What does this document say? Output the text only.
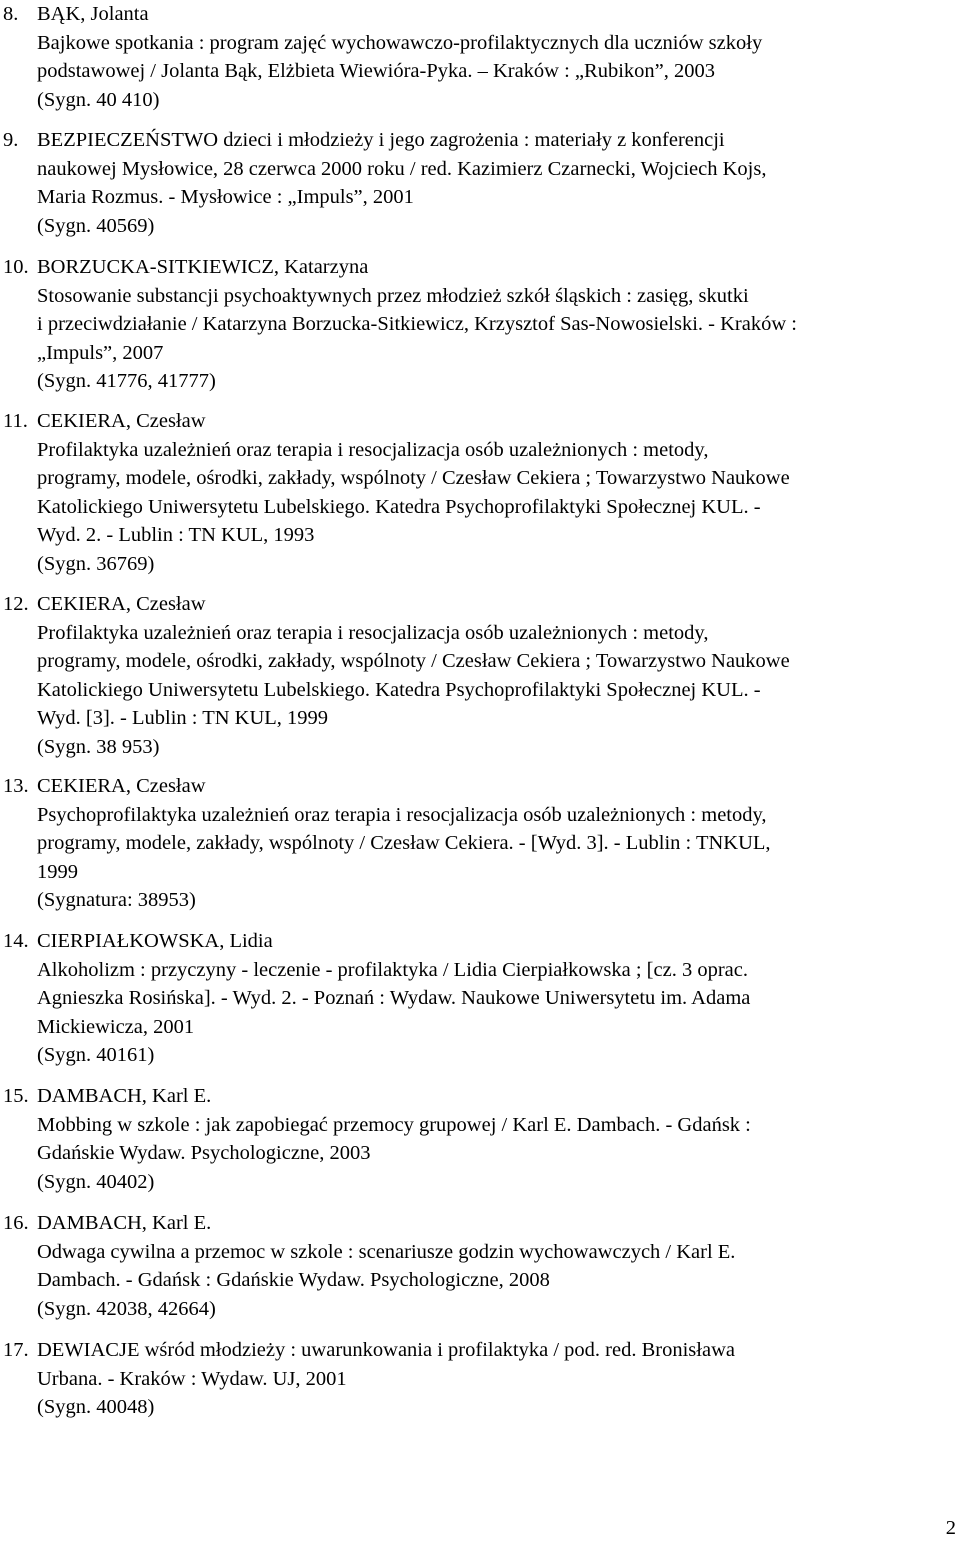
8. BĄK, Jolanta
Bajkowe spotkania : program zajęć wychowawczo-profilaktycznych dla uczniów szkoły
podstawowej / Jolanta Bąk, Elżbieta Wiewióra-Pyka. – Kraków : „Rubikon”, 2003
(Sygn. 40 410)
9. BEZPIECZEŃSTWO dzieci i młodzieży i jego zagrożenia : materiały z konferencji
naukowej Mysłowice, 28 czerwca 2000 roku / red. Kazimierz Czarnecki, Wojciech Kojs,
Maria Rozmus. - Mysłowice : „Impuls”, 2001
(Sygn. 40569)
10. BORZUCKA-SITKIEWICZ, Katarzyna
Stosowanie substancji psychoaktywnych przez młodzież szkół śląskich : zasięg, skutki
i przeciwdziałanie / Katarzyna Borzucka-Sitkiewicz, Krzysztof Sas-Nowosielski. - Kraków :
„Impuls”, 2007
(Sygn. 41776, 41777)
11. CEKIERA, Czesław
Profilaktyka uzależnień oraz terapia i resocjalizacja osób uzależnionych : metody,
programy, modele, ośrodki, zakłady, wspólnoty / Czesław Cekiera ; Towarzystwo Naukowe
Katolickiego Uniwersytetu Lubelskiego. Katedra Psychoprofilaktyki Społecznej KUL. -
Wyd. 2. - Lublin : TN KUL, 1993
(Sygn. 36769)
12. CEKIERA, Czesław
Profilaktyka uzależnień oraz terapia i resocjalizacja osób uzależnionych : metody,
programy, modele, ośrodki, zakłady, wspólnoty / Czesław Cekiera ; Towarzystwo Naukowe
Katolickiego Uniwersytetu Lubelskiego. Katedra Psychoprofilaktyki Społecznej KUL. -
Wyd. [3]. - Lublin : TN KUL, 1999
(Sygn. 38 953)
13. CEKIERA, Czesław
Psychoprofilaktyka uzależnień oraz terapia i resocjalizacja osób uzależnionych : metody,
programy, modele, zakłady, wspólnoty / Czesław Cekiera. - [Wyd. 3]. - Lublin : TNKUL,
1999
(Sygnatura: 38953)
14. CIERPIAŁKOWSKA, Lidia
Alkoholizm : przyczyny - leczenie - profilaktyka / Lidia Cierpiałkowska ; [cz. 3 oprac.
Agnieszka Rosińska]. - Wyd. 2. - Poznań : Wydaw. Naukowe Uniwersytetu im. Adama
Mickiewicza, 2001
(Sygn. 40161)
15. DAMBACH, Karl E.
Mobbing w szkole : jak zapobiegać przemocy grupowej / Karl E. Dambach. - Gdańsk :
Gdańskie Wydaw. Psychologiczne, 2003
(Sygn. 40402)
16. DAMBACH, Karl E.
Odwaga cywilna a przemoc w szkole : scenariusze godzin wychowawczych / Karl E.
Dambach. - Gdańsk : Gdańskie Wydaw. Psychologiczne, 2008
(Sygn. 42038, 42664)
17. DEWIACJE wśród młodzieży : uwarunkowania i profilaktyka / pod. red. Bronisława
Urbana. - Kraków : Wydaw. UJ, 2001
(Sygn. 40048)
2
